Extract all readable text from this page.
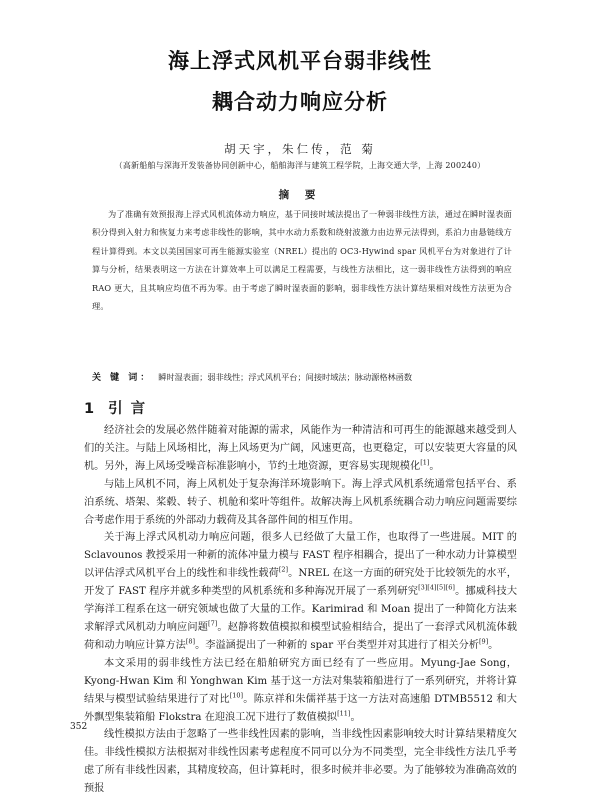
海上浮式风机平台弱非线性
耦合动力响应分析
胡天宇，朱仁传，范 菊
（高新船舶与深海开发装备协同创新中心，船舶海洋与建筑工程学院，上海交通大学，上海 200240）
摘 要
为了准确有效预报海上浮式风机流体动力响应，基于同接时域法提出了一种弱非线性方法，通过在瞬时湿表面积分得到入射力和恢复力来考虑非线性的影响，其中水动力系数和绕射波激力由边界元法得到，系泊力由悬链线方程计算得到。本文以美国国家可再生能源实验室（NREL）提出的 OC3-Hywind spar 风机平台为对象进行了计算与分析，结果表明这一方法在计算效率上可以满足工程需要，与线性方法相比，这一弱非线性方法得到的响应 RAO 更大，且其响应均值不再为零。由于考虑了瞬时湿表面的影响，弱非线性方法计算结果相对线性方法更为合理。
关 键 词： 瞬时湿表面；弱非线性；浮式风机平台；间接时域法；脉动源格林函数
1 引言

经济社会的发展必然伴随着对能源的需求，风能作为一种清洁和可再生的能源越来越受到人们的关注。与陆上风场相比，海上风场更为广阔，风速更高，也更稳定，可以安装更大容量的风机。另外，海上风场受噪音标准影响小，节约土地资源，更容易实现规模化[1]。

与陆上风机不同，海上风机处于复杂海洋环境影响下。海上浮式风机系统通常包括平台、系泊系统、塔架、桨毂、转子、机舱和桨叶等组件。故解决海上风机系统耦合动力响应问题需要综合考虑作用于系统的外部动力载荷及其各部件间的相互作用。

关于海上浮式风机动力响应问题，很多人已经做了大量工作，也取得了一些进展。MIT 的 Sclavounos 教授采用一种新的流体冲量力模与 FAST 程序相耦合，提出了一种水动力计算模型以评估浮式风机平台上的线性和非线性载荷[2]。NREL 在这一方面的研究处于比较领先的水平，开发了 FAST 程序并就多种类型的风机系统和多种海况开展了一系列研究[3][4][5][6]。挪威科技大学海洋工程系在这一研究领域也做了大量的工作。Karimirad 和 Moan 提出了一种简化方法来求解浮式风机动力响应问题[7]。赵静将数值模拟和模型试验相结合，提出了一套浮式风机流体载荷和动力响应计算方法[8]。李溢涵提出了一种新的 spar 平台类型并对其进行了相关分析[9]。

本文采用的弱非线性方法已经在船舶研究方面已经有了一些应用。Myung-Jae Song，Kyong-Hwan Kim 和 Yonghwan Kim 基于这一方法对集装箱船进行了一系列研究，并将计算结果与模型试验结果进行了对比[10]。陈京祥和朱儒祥基于这一方法对高速船 DTMB5512 和大外飘型集装箱船 Flokstra 在迎浪工况下进行了数值模拟[11]。

线性模拟方法由于忽略了一些非线性因素的影响，当非线性因素影响较大时计算结果精度欠佳。非线性模拟方法根据对非线性因素考虑程度不同可以分为不同类型，完全非线性方法几乎考虑了所有非线性因素，其精度较高，但计算耗时，很多时候并非必要。为了能够较为准确高效的预报

352
